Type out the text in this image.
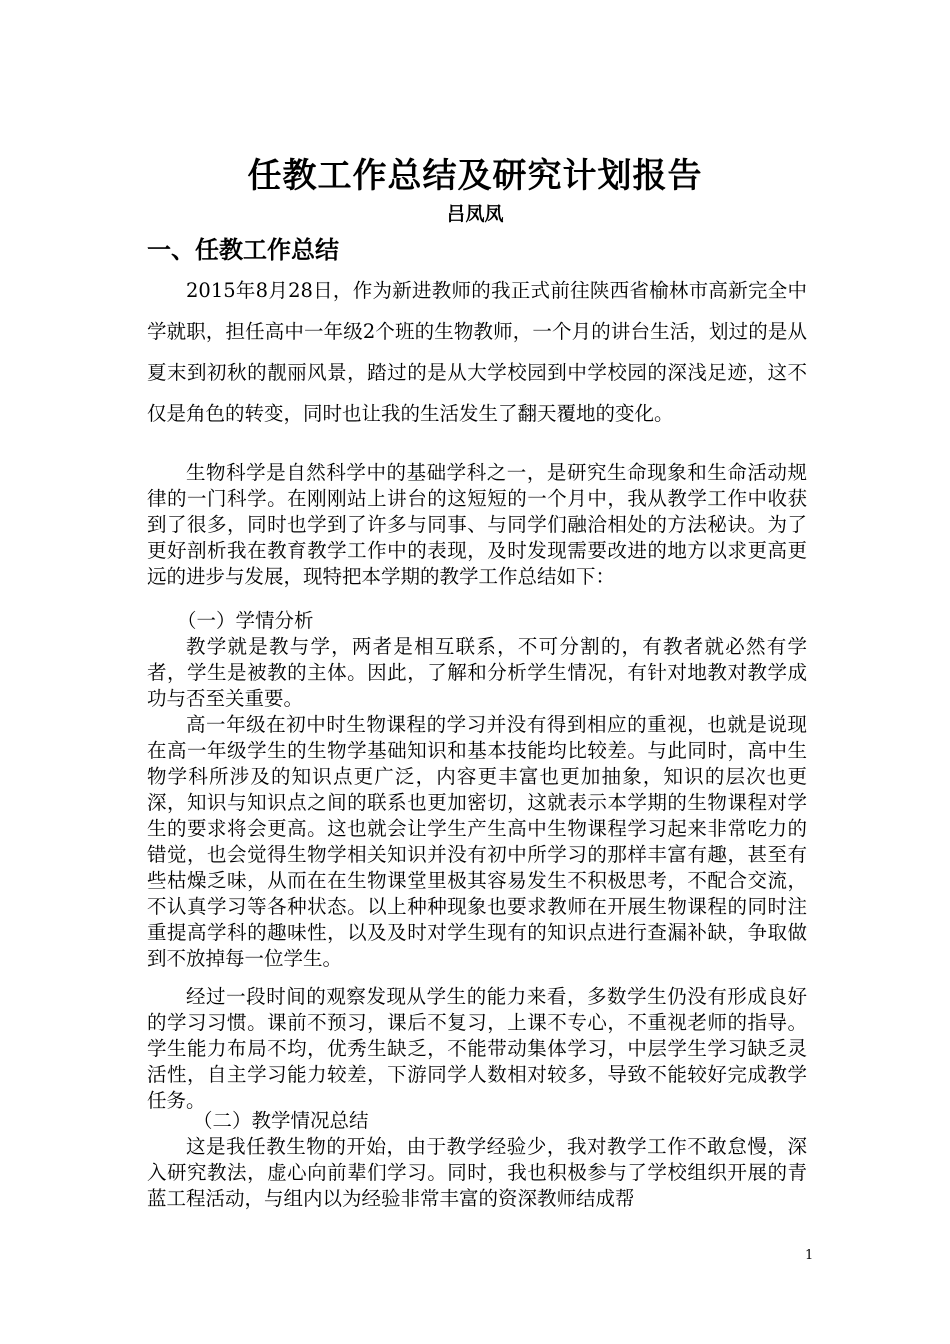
任教工作总结及研究计划报告
吕凤凤
一、任教工作总结

2015年8月28日，作为新进教师的我正式前往陕西省榆林市高新完全中学就职，担任高中一年级2个班的生物教师，一个月的讲台生活，划过的是从夏末到初秋的靓丽风景，踏过的是从大学校园到中学校园的深浅足迹，这不仅是角色的转变，同时也让我的生活发生了翻天覆地的变化。

生物科学是自然科学中的基础学科之一，是研究生命现象和生命活动规律的一门科学。在刚刚站上讲台的这短短的一个月中，我从教学工作中收获到了很多，同时也学到了许多与同事、与同学们融洽相处的方法秘诀。为了更好剖析我在教育教学工作中的表现，及时发现需要改进的地方以求更高更远的进步与发展，现特把本学期的教学工作总结如下：

（一）学情分析

教学就是教与学，两者是相互联系，不可分割的，有教者就必然有学者，学生是被教的主体。因此，了解和分析学生情况，有针对地教对教学成功与否至关重要。

高一年级在初中时生物课程的学习并没有得到相应的重视，也就是说现在高一年级学生的生物学基础知识和基本技能均比较差。与此同时，高中生物学科所涉及的知识点更广泛，内容更丰富也更加抽象，知识的层次也更深，知识与知识点之间的联系也更加密切，这就表示本学期的生物课程对学生的要求将会更高。这也就会让学生产生高中生物课程学习起来非常吃力的错觉，也会觉得生物学相关知识并没有初中所学习的那样丰富有趣，甚至有些枯燥乏味，从而在在生物课堂里极其容易发生不积极思考，不配合交流，不认真学习等各种状态。以上种种现象也要求教师在开展生物课程的同时注重提高学科的趣味性，以及及时对学生现有的知识点进行查漏补缺，争取做到不放掉每一位学生。

经过一段时间的观察发现从学生的能力来看，多数学生仍没有形成良好的学习习惯。课前不预习，课后不复习，上课不专心，不重视老师的指导。学生能力布局不均，优秀生缺乏，不能带动集体学习，中层学生学习缺乏灵活性，自主学习能力较差，下游同学人数相对较多，导致不能较好完成教学任务。

（二）教学情况总结

这是我任教生物的开始，由于教学经验少，我对教学工作不敢怠慢，深入研究教法，虚心向前辈们学习。同时，我也积极参与了学校组织开展的青蓝工程活动，与组内以为经验非常丰富的资深教师结成帮

1
